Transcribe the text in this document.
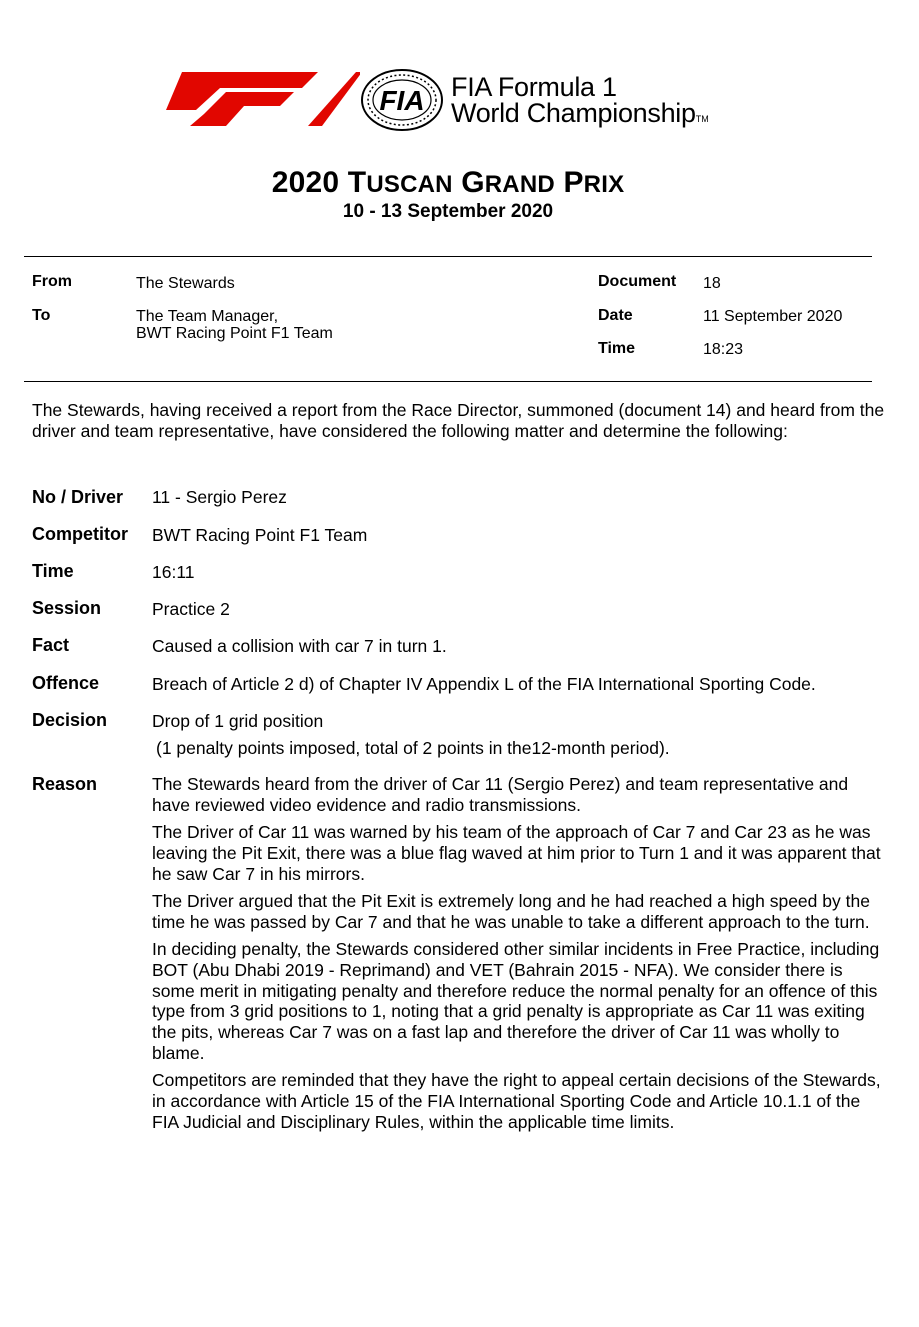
FIA FIA Formula 1
World ChampionshipTM
2020 TUSCAN GRAND PRIX
10 - 13 September 2020
From	The Stewards
To	The Team Manager,
BWT Racing Point F1 Team
Document 18
Date	11 September 2020
Time	18:23
The Stewards, having received a report from the Race Director, summoned (document 14) and heard from the driver and team representative, have considered the following matter and determine the following:
No / Driver 11 - Sergio Perez
Competitor BWT Racing Point F1 Team
Time	16:11
Session	Practice 2
Fact	Caused a collision with car 7 in turn 1.
Offence	Breach of Article 2 d) of Chapter IV Appendix L of the FIA International Sporting Code.
Decision	Drop of 1 grid position
(1 penalty points imposed, total of 2 points in the12-month period).
Reason	The Stewards heard from the driver of Car 11 (Sergio Perez) and team representative and have reviewed video evidence and radio transmissions.

The Driver of Car 11 was warned by his team of the approach of Car 7 and Car 23 as he was leaving the Pit Exit, there was a blue flag waved at him prior to Turn 1 and it was apparent that he saw Car 7 in his mirrors.

The Driver argued that the Pit Exit is extremely long and he had reached a high speed by the time he was passed by Car 7 and that he was unable to take a different approach to the turn.

In deciding penalty, the Stewards considered other similar incidents in Free Practice, including BOT (Abu Dhabi 2019 - Reprimand) and VET (Bahrain 2015 - NFA). We consider there is some merit in mitigating penalty and therefore reduce the normal penalty for an offence of this type from 3 grid positions to 1, noting that a grid penalty is appropriate as Car 11 was exiting the pits, whereas Car 7 was on a fast lap and therefore the driver of Car 11 was wholly to blame.

Competitors are reminded that they have the right to appeal certain decisions of the Stewards, in accordance with Article 15 of the FIA International Sporting Code and Article 10.1.1 of the FIA Judicial and Disciplinary Rules, within the applicable time limits.
